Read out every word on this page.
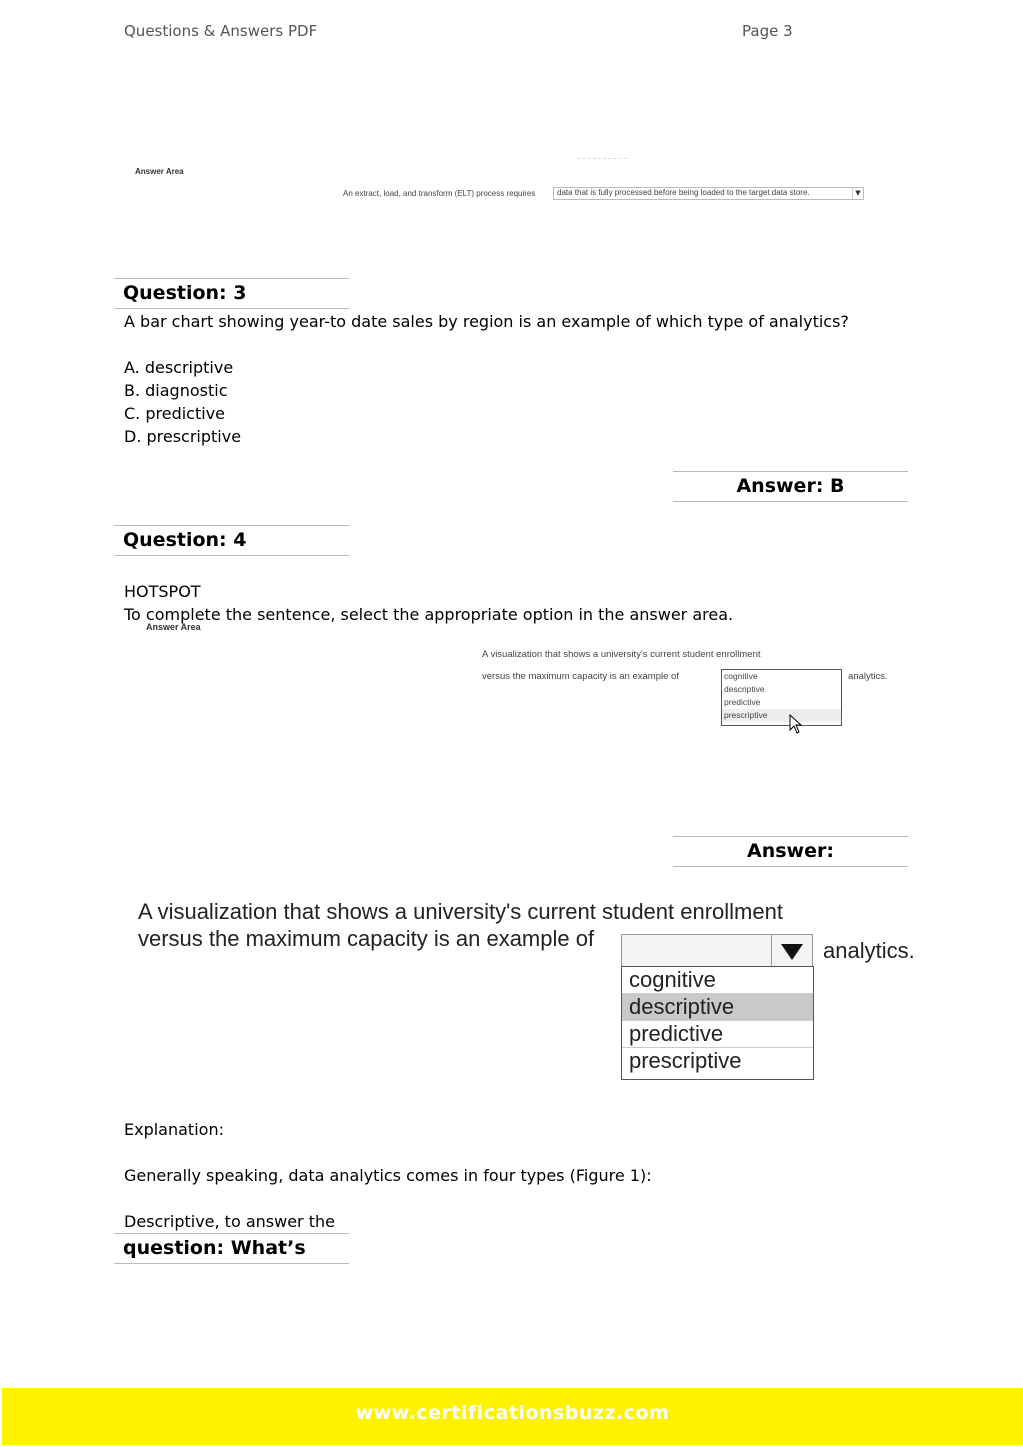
Questions & Answers PDF	Page 3
Answer Area
An extract, load, and transform (ELT) process requires	data that is fully processed before being loaded to the target data store.	▼
Question: 3
A bar chart showing year-to date sales by region is an example of which type of analytics?
A. descriptive
B. diagnostic
C. predictive
D. prescriptive
Answer: B
Question: 4
HOTSPOT
To complete the sentence, select the appropriate option in the answer area.
Answer Area
A visualization that shows a university's current student enrollment
versus the maximum capacity is an example of	analytics.
cognitive
descriptive
predictive
prescriptive
Answer:
A visualization that shows a university's current student enrollment
versus the maximum capacity is an example of	analytics.
cognitive
descriptive
predictive
prescriptive
Explanation:
Generally speaking, data analytics comes in four types (Figure 1):
Descriptive, to answer the
question: What’s
www.certificationsbuzz.com
